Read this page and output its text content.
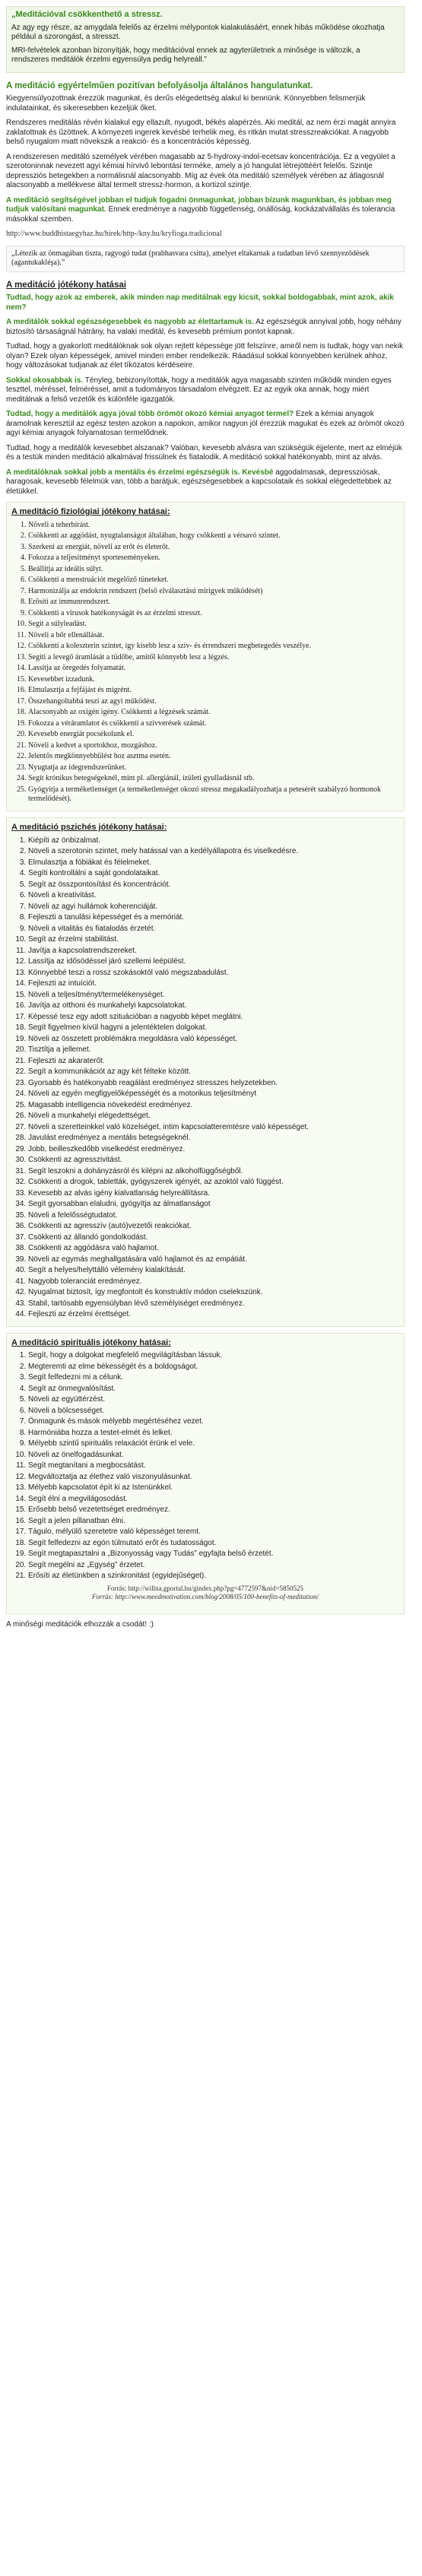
„Meditációval csökkenthető a stressz.

Az agy egy része, az amygdala felelős az érzelmi mélypontok kialakulásáért, ennek hibás működése okozhatja például a szorongást, a stresszt.

MRI-felvételek azonban bizonyítják, hogy meditációval ennek az agyterületnek a minősége is változik, a rendszeres meditálók érzelmi egyensúlya pedig helyreáll.”

A meditáció egyértelműen pozitívan befolyásolja általános hangulatunkat.

Kiegyensúlyozottnak érezzük magunkat, és derűs elégedettség alakul ki bennünk. Könnyebben felismerjük indulatainkat, és sikeresebben kezeljük őket.

Rendszeres meditálás révén kialakul egy ellazult, nyugodt, békés alapérzés. Aki meditál, az nem érzi magát annyira zaklatottnak és űzöttnek. A környezeti ingerek kevésbé terhelik meg, és ritkán mutat stresszreakciókat. A nagyobb belső nyugalom miatt növekszik a reakció- és a koncentrációs képesség.

A rendszeresen meditáló személyek vérében magasabb az 5-hydroxy-indol-ecetsav koncentrációja. Ez a vegyület a szerotoninnak nevezett agyi kémiai hírvivő lebontási terméke, amely a jó hangulat létrejöttéért felelős. Szintje depressziós betegekben a normálisnál alacsonyabb. Míg az évek óta meditáló személyek vérében az átlagosnál alacsonyabb a mellékvese által termelt stressz-hormon, a kortizol szintje.

A meditáció segítségével jobban el tudjuk fogadni önmagunkat, jobban bízunk magunkban, és jobban meg tudjuk valósítani magunkat. Ennek eredménye a nagyobb függetlenség, önállóság, kockázatvállalás és tolerancia másokkal szemben.

http://www.buddhistaegyhaz.hu/hirek/http-/kny.hu/kryfioga.tradicional
„Létezik az önmagában tiszta, ragyogó tudat (prabhasvara csitta), amelyet eltakarnak a tudatban lévő szennyeződések (agantukakléşa).”
A meditáció jótékony hatásai

Tudtad, hogy azok az emberek, akik minden nap meditálnak egy kicsit, sokkal boldogabbak, mint azok, akik nem?

A meditálók sokkal egészségesebbek és nagyobb az élettartamuk is. Az egészségük annyival jobb, hogy néhány biztosító társaságnál hátrány, ha valaki meditál, és kevesebb prémium pontot kapnak.

Tudtad, hogy a gyakorlott meditálóknak sok olyan rejtett képessége jött felszínre, amiről nem is tudtak, hogy van nekik olyan? Ezek olyan képességek, amivel minden ember rendelkezik. Ráadásul sokkal könnyebben kerülnek ahhoz, hogy változásokat tudjanak az élet tíközatos kérdéseire.

Sokkal okosabbak is. Tényleg, bebizonyították, hogy a meditálók agya magasabb szinten működik minden egyes teszttel, méréssel, felméréssel, amit a tudományos társadalom elvégzett. Ez az egyik oka annak, hogy miért meditálnak a felső vezetők és különféle igazgatók.

Tudtad, hogy a meditálók agya jóval több örömöt okozó kémiai anyagot termel? Ezek a kémiai anyagok áramolnak keresztül az egész testen azokon a napokon, amikor nagyon jól érezzük magukat és ezek az örömöt okozó agyi kémiai anyagok folyamatosan termelődnek.

Tudtad, hogy a meditálók kevesebbet alszanak? Valóban, kevesebb alvásra van szükségük éjjelente, mert az elméjük és a testük minden meditáció alkalmával frissülnek és fiatalodik. A meditáció sokkal hatékonyabb, mint az alvás.

A meditálóknak sokkal jobb a mentális és érzelmi egészségük is. Kevésbé aggodalmasak, depressziósak, haragosak, kevesebb félelmük van, több a barátjuk, egészségesebbek a kapcsolataik és sokkal elégedettebbek az életükkel.

A meditáció fiziológiai jótékony hatásai:
1. Növeli a teherbírást.
2. Csökkenti az aggódást, nyugtalanságot általában, hogy csökkenti a vérsavó szintet.
3. Szerkeni az energiát, növeli az erőt és életerőt.
4. Fokozza a teljesítményt sporteseményeken.
5. Beállítja az ideális súlyt.
6. Csökkenti a menstruációt megelőző tüneteket.
7. Harmonizálja az endokrin rendszert (belső elválasztású mirigyek működését)
8. Erősíti az immunrendszert.
9. Csökkenti a vírusok hatékonyságát és az érzelmi stresszt.
10. Segít a súlyleadást.
11. Növeli a bőr ellenállását.
12. Csökkenti a koleszterin szintet, így kisebb lesz a szív- és érrendszeri megbetegedés veszélye.
13. Segíti a levegő áramlását a tüdőbe, amitől könnyebb lesz a légzés.
14. Lassítja az öregedés folyamatát.
15. Kevesebbet izzadunk.
16. Elmulasztja a fejfájást és migrént.
17. Összehangoltabbá teszi az agyi működést.
18. Alacsonyabb az oxigén igény. Csökkenti a légzések számát.
19. Fokozza a véráramlatot és csökkenti a szívverések számát.
20. Kevesebb energiát pocsékolunk el.
21. Növeli a kedvet a sportokhoz, mozgáshoz.
22. Jelentős megkönnyebbülést hoz asztma esetén.
23. Nyugtatja az idegrendszerünket.
24. Segít krónikus betegségeknél, mint pl. allergiánál, ízületi gyulladásnál stb.
25. Gyógyítja a terméketlenséget (a terméketlenséget okozó stressz megakadályozhatja a petesérét szabályzó hormonok termelődését).
A meditáció pszichés jótékony hatásai:
1. Kiépíti az önbizalmat.
2. Növeli a szerotonin szintet, mely hatással van a kedélyállapotra és viselkedésre.
3. Elmulasztja a fóbiákat és félelmeket.
4. Segíti kontrollálni a saját gondolataikat.
5. Segít az összpontosítást és koncentrációt.
6. Növeli a kreativitást.
7. Növeli az agyi hullámok koherenciáját.
8. Fejleszti a tanulási képességet és a memóriát.
9. Növeli a vitalitás és fiatalodás érzetét.
10. Segít az érzelmi stabilitást.
11. Javítja a kapcsolatrendszereket.
12. Lassítja az idősödéssel járó szellemi leépülést.
13. Könnyebbé teszi a rossz szokásoktól való megszabadulást.
14. Fejleszti az intuíciót.
15. Növeli a teljesítményt/termelékenységet.
16. Javítja az otthoni és munkahelyi kapcsolatokat.
17. Képessé tesz egy adott szituációban a nagyobb képet meglátni.
18. Segít figyelmen kívül hagyni a jelentéktelen dolgokat.
19. Növeli az összetett problémákra megoldásra való képességet.
20. Tisztítja a jellemet.
21. Fejleszti az akaraterőt.
22. Segít a kommunikációt az agy két féltekе között.
23. Gyorsabb és hatékonyabb reagálást eredményez stresszes helyzetekben.
24. Növeli az egyén megfigyelőképességét és a motorikus teljesítményt
25. Magasabb intelligencia növekedést eredményez.
26. Növeli a munkahelyi elégedettséget.
27. Növeli a szeretteinkkel való közelséget, intim kapcsolatteremtésre való képességet.
28. Javulást eredményez a mentális betegségeknél.
29. Jobb, beilleszkedőbb viselkedést eredményez.
30. Csökkenti az agresszivitást.
31. Segít leszokni a dohányzásról és kilépni az alkoholfüggőségből.
32. Csökkenti a drogok, tabletták, gyógyszerek igényét, az azoktól való függést.
33. Kevesebb az alvás igény kialvatlanság helyreállításra.
34. Segít gyorsabban elaludni, gyógyítja az álmatlanságot
35. Növeli a felelősségtudatot.
36. Csökkenti az agresszív (autó)vezetői reakciókat.
37. Csökkenti az állandó gondolkodást.
38. Csökkenti az aggódásra való hajlamot.
39. Növeli az egymás meghallgatására való hajlamot és az empátiát.
40. Segít a helyes/helyttálló vélemény kialakítását.
41. Nagyobb toleranciát eredményez.
42. Nyugalmat biztosít, így megfontolt és konstruktív módon cselekszünk.
43. Stabil, tartósabb egyensúlyban lévő személyiséget eredményez.
44. Fejleszti az érzelmi érettséget.
A meditáció spirituális jótékony hatásai:
1. Segít, hogy a dolgokat megfelelő megvilágításban lássuk.
2. Megteremti az elme békességét és a boldogságot.
3. Segít felfedezni mi a célunk.
4. Segít az önmegvalósítást.
5. Növeli az együttérzést.
6. Növeli a bölcsességet.
7. Önmagunk és mások mélyebb megértéséhez vezet.
8. Harmóniába hozza a testet-elmét és lelket.
9. Mélyebb szintű spirituális relaxációt érünk el vele.
10. Növeli az önelfogadásunkat.
11. Segít megtanítani a megbocsátást.
12. Megváltoztatja az élethez való viszonyulásunkat.
13. Mélyebb kapcsolatot épít ki az Istenünkkel.
14. Segít élni a megvilágosodást.
15. Erősebb belső vezetettséget eredményez.
16. Segít a jelen pillanatban élni.
17. Tágulo, mélyülő szeretetre való képességet teremt.
18. Segít felfedezni az egón túlmutató erőt és tudatosságot.
19. Segít megtapasztalni a „Bizonyosság vagy Tudás” egyfajta belső érzetét.
20. Segít megélni az „Egység” érzetet.
21. Erősíti az életünkben a szinkronitást (egyidejűséget).
Forrás: http://willna.gportal.hu/gindex.php?pg=4772597&nid=5850525
Forrás: http://www.meedmotivation.com/blog/2008/05/100-benefits-of-meditation/
A minőségi meditációk elhozzák a csodát! :)
